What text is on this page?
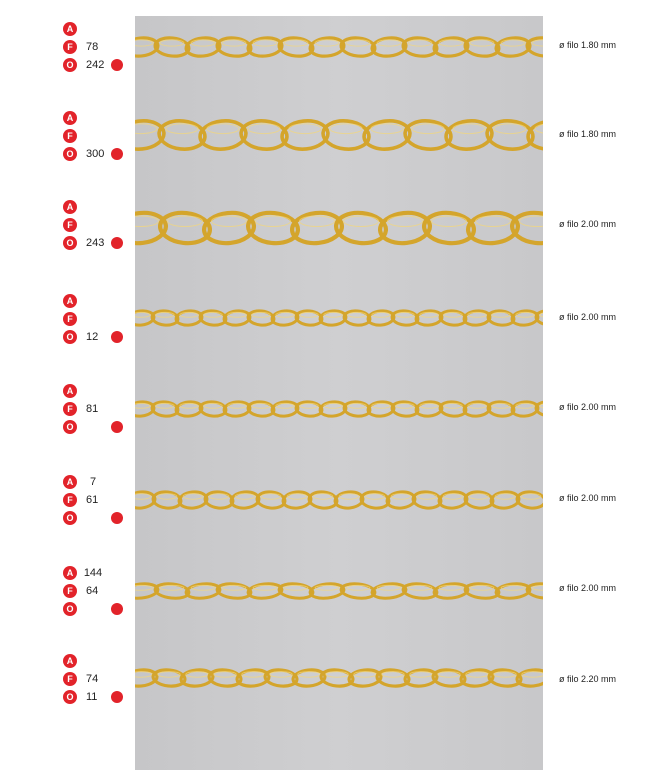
A
F	78
O	242
ø filo 1.80 mm
A
F
O	300
ø filo 1.80 mm
A
F
O	243
ø filo 2.00 mm
A
F
O	12
ø filo 2.00 mm
A
F	81
O
ø filo 2.00 mm
A	7
F	61
O
ø filo 2.00 mm
A 144
F	64
O
ø filo 2.00 mm
A
F	74
O	11
ø filo 2.20 mm
